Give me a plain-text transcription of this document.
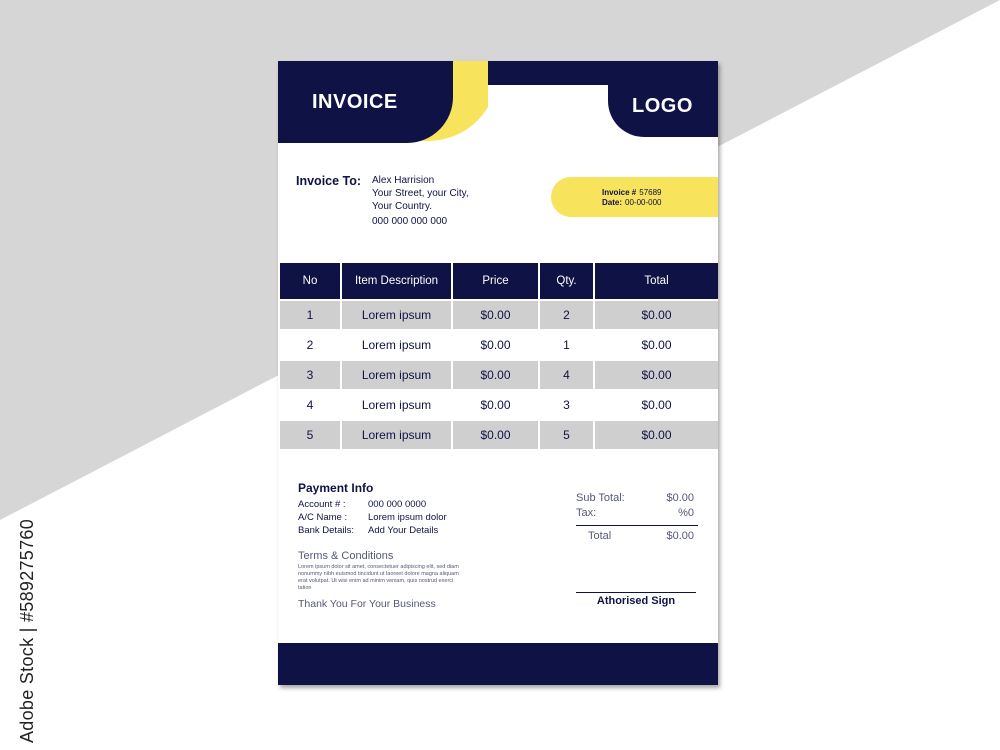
Adobe Stock | #589275760
INVOICE	LOGO
Invoice To: Alex Harrision
Your Street, your City,
Your Country.
000 000 000 000
Invoice # 57689
Date: 00-00-000
No	Item Description	Price	Qty.	Total
1	Lorem ipsum	$0.00	2	$0.00
2	Lorem ipsum	$0.00	1	$0.00
3	Lorem ipsum	$0.00	4	$0.00
4	Lorem ipsum	$0.00	3	$0.00
5	Lorem ipsum	$0.00	5	$0.00
Payment Info
Account # : 000 000 0000
A/C Name : Lorem ipsum dolor
Bank Details: Add Your Details
Terms & Conditions
Lorem ipsum dolor sit amet, consectetuer adipiscing elit, sed diam nonummy nibh euismod tincidunt ut laoreet dolore magna aliquam erat volutpat. Ut wisi enim ad minim veniam, quis nostrud exerci tation
Thank You For Your Business
Sub Total:	$0.00
Tax:	%0
Total	$0.00
Athorised Sign
